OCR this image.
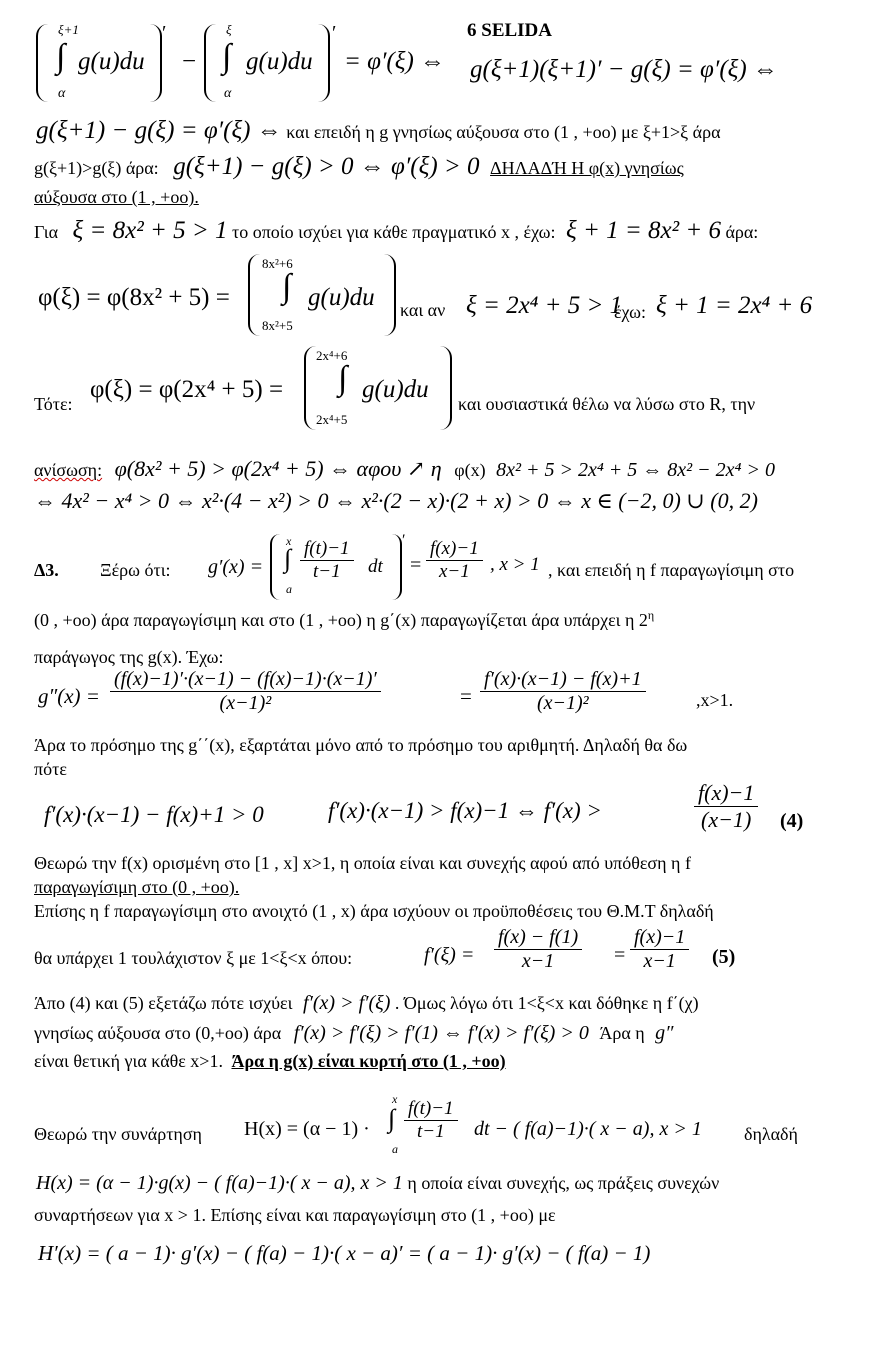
6 SELIDA
ξ+1
∫
α
g(u)du
′
−
ξ
∫
α
g(u)du
′
= φ′(ξ) ⇔ g(ξ+1)(ξ+1)′ − g(ξ) = φ′(ξ) ⇔
g(ξ+1) − g(ξ) = φ′(ξ) ⇔ και επειδή η g γνησίως αύξουσα στο (1 , +oo) με ξ+1>ξ άρα
g(ξ+1)>g(ξ) άρα: g(ξ+1) − g(ξ) > 0 ⇔ φ′(ξ) > 0 ΔΗΛΑΔΉ Η φ(x) γνησίως
αύξουσα στο (1 , +oo).
Για ξ = 8x² + 5 > 1 το οποίο ισχύει για κάθε πραγματικό x , έχω: ξ + 1 = 8x² + 6 άρα:
φ(ξ) = φ(8x² + 5) =
8x²+6
∫
8x²+5
g(u)du και αν ξ = 2x⁴ + 5 > 1
έχω: ξ + 1 = 2x⁴ + 6
Τότε:
φ(ξ) = φ(2x⁴ + 5) =
2x⁴+6
∫
2x⁴+5
g(u)du
και ουσιαστικά θέλω να λύσω στο R, την
ανίσωση: φ(8x² + 5) > φ(2x⁴ + 5) ⇔ αφου ↗ η φ(x) 8x² + 5 > 2x⁴ + 5 ⇔ 8x² − 2x⁴ > 0
⇔ 4x² − x⁴ > 0 ⇔ x²·(4 − x²) > 0 ⇔ x²·(2 − x)·(2 + x) > 0 ⇔ x ∈ (−2, 0) ∪ (0, 2)
Δ3. Ξέρω ότι: g′(x) =
x
∫
a
$\frac{f(t)-1}{t-1}$ dt
′
= $\frac{f(x)-1}{x-1}$ , x > 1 , και επειδή η f παραγωγίσιμη στο
(0 , +oo) άρα παραγωγίσιμη και στο (1 , +oo) η g΄(x) παραγωγίζεται άρα υπάρχει η $2^\eta$
παράγωγος της g(x). Έχω:
$g''(x) = \frac{(f(x)-1)'\cdot(x-1) - (f(x)-1)\cdot(x-1)'}{\text{(x−1)²}}$	= $\frac{f'(x)\cdot(x-1) - f(x)+1}{\text{(x−1)²}}$	,x>1.
Άρα το πρόσημο της g΄΄(x), εξαρτάται μόνο από το πρόσημο του αριθμητή. Δηλαδή θα δω
πότε
f′(x)·(x−1) − f(x)+1 > 0	f′(x)·(x−1) > f(x)−1 ⇔ f′(x) >	$\frac{f(x)-1}{(x-1)} (4)$
Θεωρώ την f(x) ορισμένη στο [1 , x] x>1, η οποία είναι και συνεχής αφού από υπόθεση η f
παραγωγίσιμη στο (0 , +oo).
Επίσης η f παραγωγίσιμη στο ανοιχτό (1 , x) άρα ισχύουν οι προϋποθέσεις του Θ.Μ.Τ δηλαδή
θα υπάρχει 1 τουλάχιστον ξ με 1<ξ<x όπου:	$f'(\xi) = \frac{f(x) - f(1)}{x-1} = \frac{f(x)-1}{x-1} (5)$
Άπο (4) και (5) εξετάζω πότε ισχύει f′(x) > f′(ξ) . Όμως λόγω ότι 1<ξ<x και δόθηκε η f΄(χ)
γνησίως αύξουσα στο (0,+oo) άρα f′(x) > f′(ξ) > f′(1) ⇔ f′(x) > f′(ξ) > 0 Άρα η g″
είναι θετική για κάθε x>1. Άρα η g(x) είναι κυρτή στο (1 , +oo)
Θεωρώ την συνάρτηση H(x) = (α − 1) ·
x
∫
a
$\frac{f(t)-1}{t-1}$ dt − ( f(a)−1)·( x − a), x > 1 δηλαδή
H(x) = (α − 1)·g(x) − ( f(a)−1)·( x − a), x > 1 η οποία είναι συνεχής, ως πράξεις συνεχών
συναρτήσεων για x > 1. Επίσης είναι και παραγωγίσιμη στο (1 , +oo) με
H′(x) = ( a − 1)· g′(x) − ( f(a) − 1)·( x − a)′ = ( a − 1)· g′(x) − ( f(a) − 1)
